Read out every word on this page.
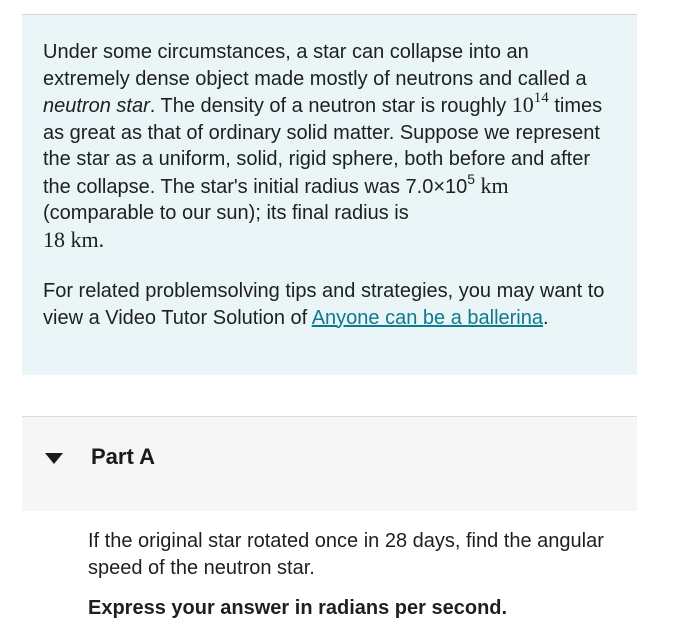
Under some circumstances, a star can collapse into an extremely dense object made mostly of neutrons and called a neutron star. The density of a neutron star is roughly $10^{14}$ times as great as that of ordinary solid matter. Suppose we represent the star as a uniform, solid, rigid sphere, both before and after the collapse. The star's initial radius was $7.0\times 10^5$ km (comparable to our sun); its final radius is
18 km.

For related problemsolving tips and strategies, you may want to view a Video Tutor Solution of Anyone can be a ballerina.

Part A

If the original star rotated once in 28 days, find the angular speed of the neutron star.

Express your answer in radians per second.
